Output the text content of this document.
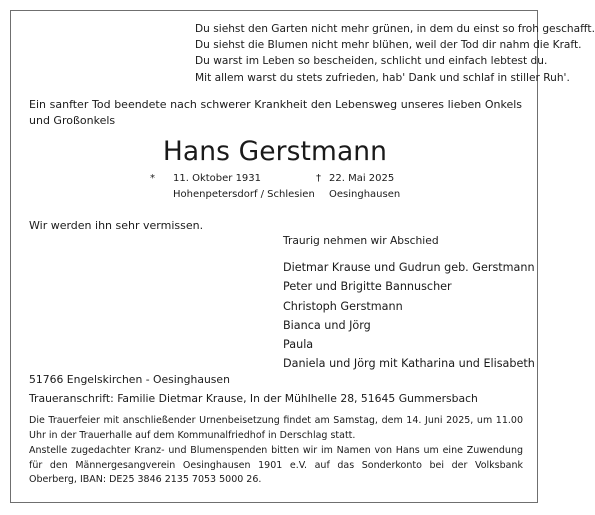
Du siehst den Garten nicht mehr grünen, in dem du einst so froh geschafft.
Du siehst die Blumen nicht mehr blühen, weil der Tod dir nahm die Kraft.
Du warst im Leben so bescheiden, schlicht und einfach lebtest du.
Mit allem warst du stets zufrieden, hab' Dank und schlaf in stiller Ruh'.
Ein sanfter Tod beendete nach schwerer Krankheit den Lebensweg unseres lieben Onkels und Großonkels
Hans Gerstmann
* 11. Oktober 1931
Hohenpetersdorf / Schlesien
† 22. Mai 2025
Oesinghausen
Wir werden ihn sehr vermissen.
Traurig nehmen wir Abschied
Dietmar Krause und Gudrun geb. Gerstmann
Peter und Brigitte Bannuscher
Christoph Gerstmann
Bianca und Jörg
Paula
Daniela und Jörg mit Katharina und Elisabeth
51766 Engelskirchen - Oesinghausen
Traueranschrift: Familie Dietmar Krause, In der Mühlhelle 28, 51645 Gummersbach
Die Trauerfeier mit anschließender Urnenbeisetzung findet am Samstag, dem 14. Juni 2025, um 11.00 Uhr in der Trauerhalle auf dem Kommunalfriedhof in Derschlag statt.
Anstelle zugedachter Kranz- und Blumenspenden bitten wir im Namen von Hans um eine Zuwendung für den Männergesangverein Oesinghausen 1901 e.V. auf das Sonderkonto bei der Volksbank Oberberg, IBAN: DE25 3846 2135 7053 5000 26.
